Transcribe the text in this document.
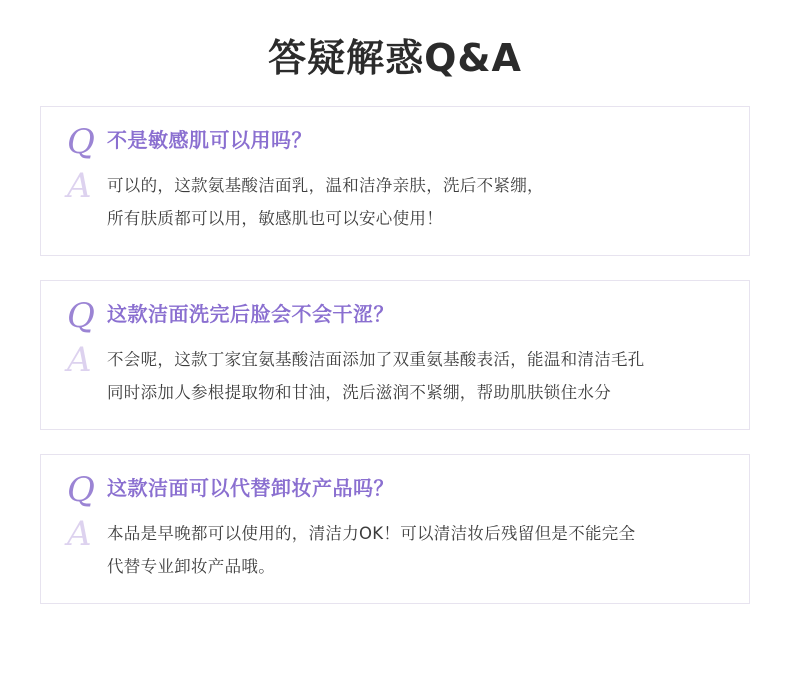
答疑解惑Q&A
Q 不是敏感肌可以用吗？
A 可以的，这款氨基酸洁面乳，温和洁净亲肤，洗后不紧绷，
所有肤质都可以用，敏感肌也可以安心使用！
Q 这款洁面洗完后脸会不会干涩？
A 不会呢，这款丁家宜氨基酸洁面添加了双重氨基酸表活，能温和清洁毛孔
同时添加人参根提取物和甘油，洗后滋润不紧绷，帮助肌肤锁住水分
Q 这款洁面可以代替卸妆产品吗？
A 本品是早晚都可以使用的，清洁力OK！可以清洁妆后残留但是不能完全
代替专业卸妆产品哦。
